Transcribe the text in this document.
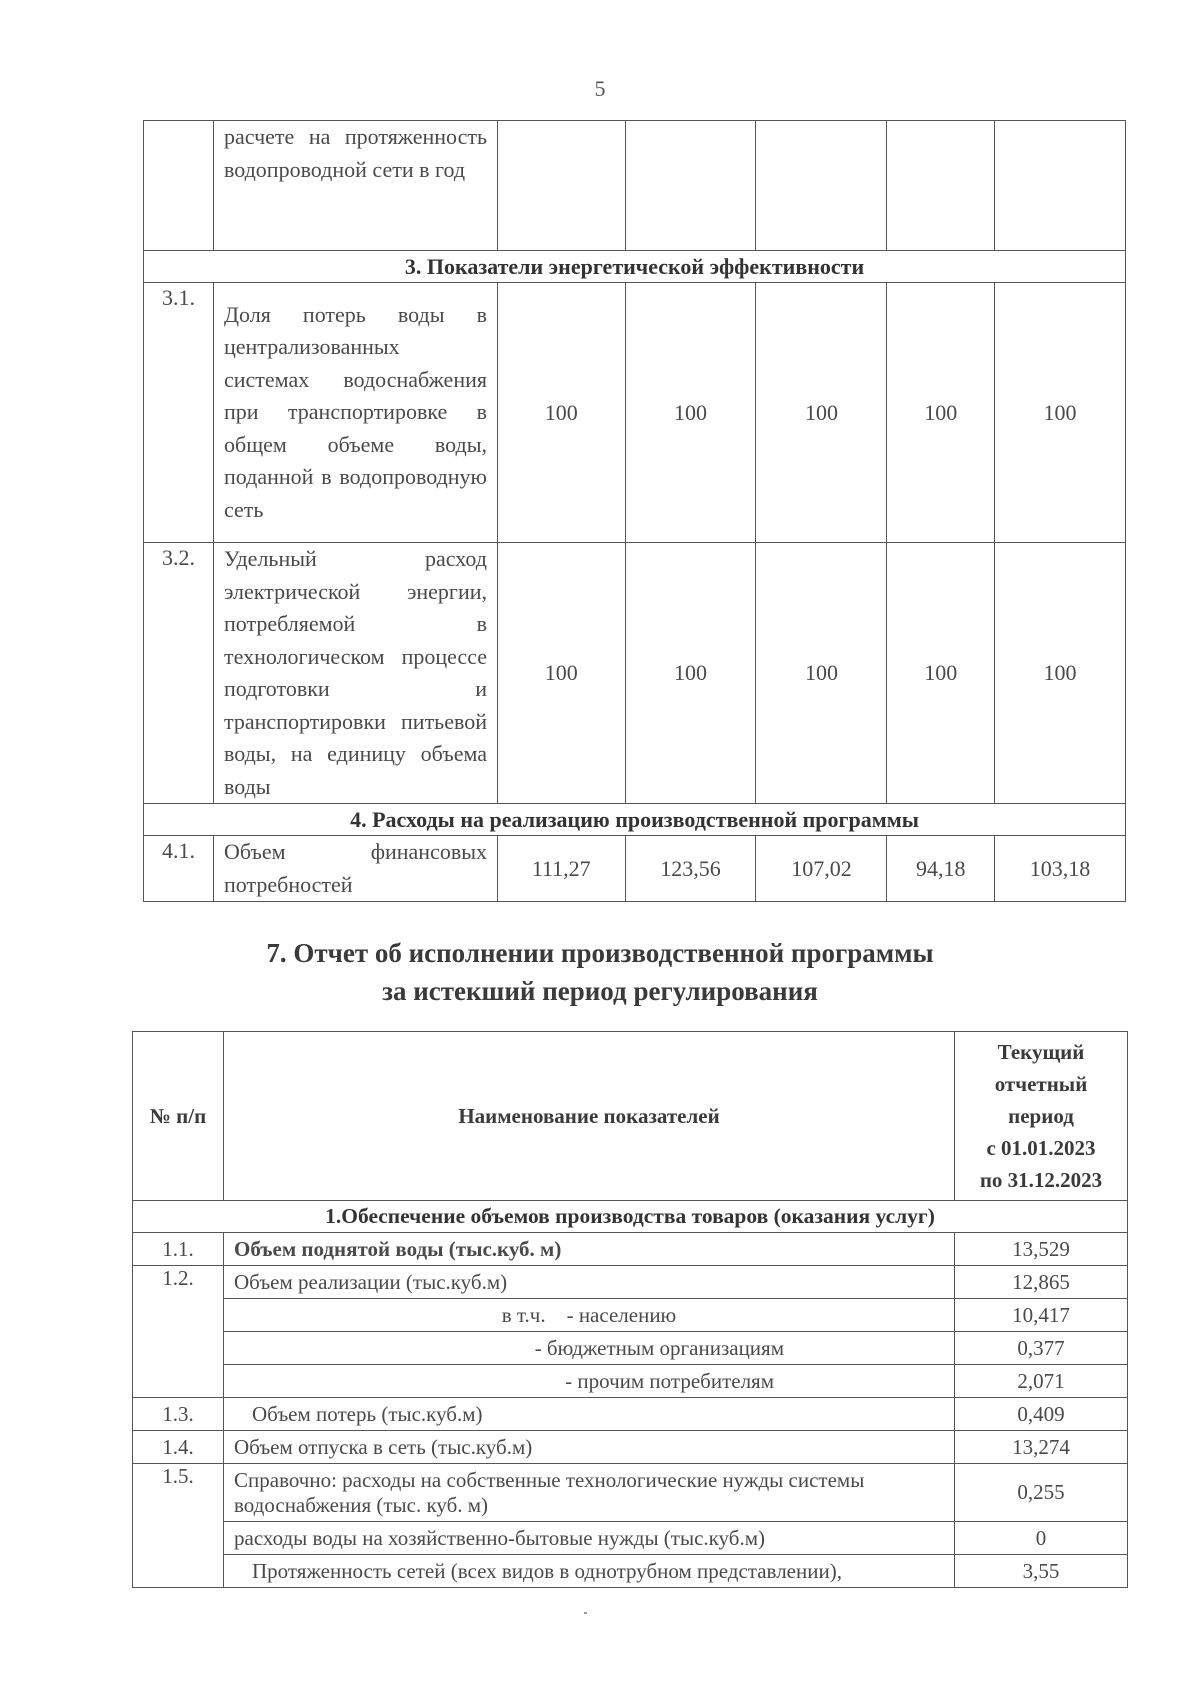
5
	расчете на протяженность водопроводной сети в год					
3. Показатели энергетической эффективности						
3.1.	Доля потерь воды в централизованных системах водоснабжения при транспортировке в общем объеме воды, поданной в водопроводную сеть	100	100	100	100	100
3.2.	Удельный расход электрической энергии, потребляемой в технологическом процессе подготовки и транспортировки питьевой воды, на единицу объема воды	100	100	100	100	100
4. Расходы на реализацию производственной программы						
4.1.	Объем финансовых потребностей	111,27	123,56	107,02	94,18	103,18
7. Отчет об исполнении производственной программы
за истекший период регулирования
№ п/п	Наименование показателей	Текущий
отчетный
период
с 01.01.2023
по 31.12.2023

1.Обеспечение объемов производства товаров (оказания услуг)		
1.1.	Объем поднятой воды (тыс.куб. м)	13,529
1.2.	Объем реализации (тыс.куб.м)	12,865
	в т.ч.    - населению	10,417
	- бюджетным организациям	0,377
	- прочим потребителям	2,071
1.3.	Объем потерь (тыс.куб.м)	0,409
1.4.	Объем отпуска в сеть (тыс.куб.м)	13,274
1.5.	Справочно: расходы на собственные технологические нужды системы водоснабжения (тыс. куб. м)	0,255
	расходы воды на хозяйственно-бытовые нужды (тыс.куб.м)	0
	Протяженность сетей (всех видов в однотрубном представлении),	3,55
